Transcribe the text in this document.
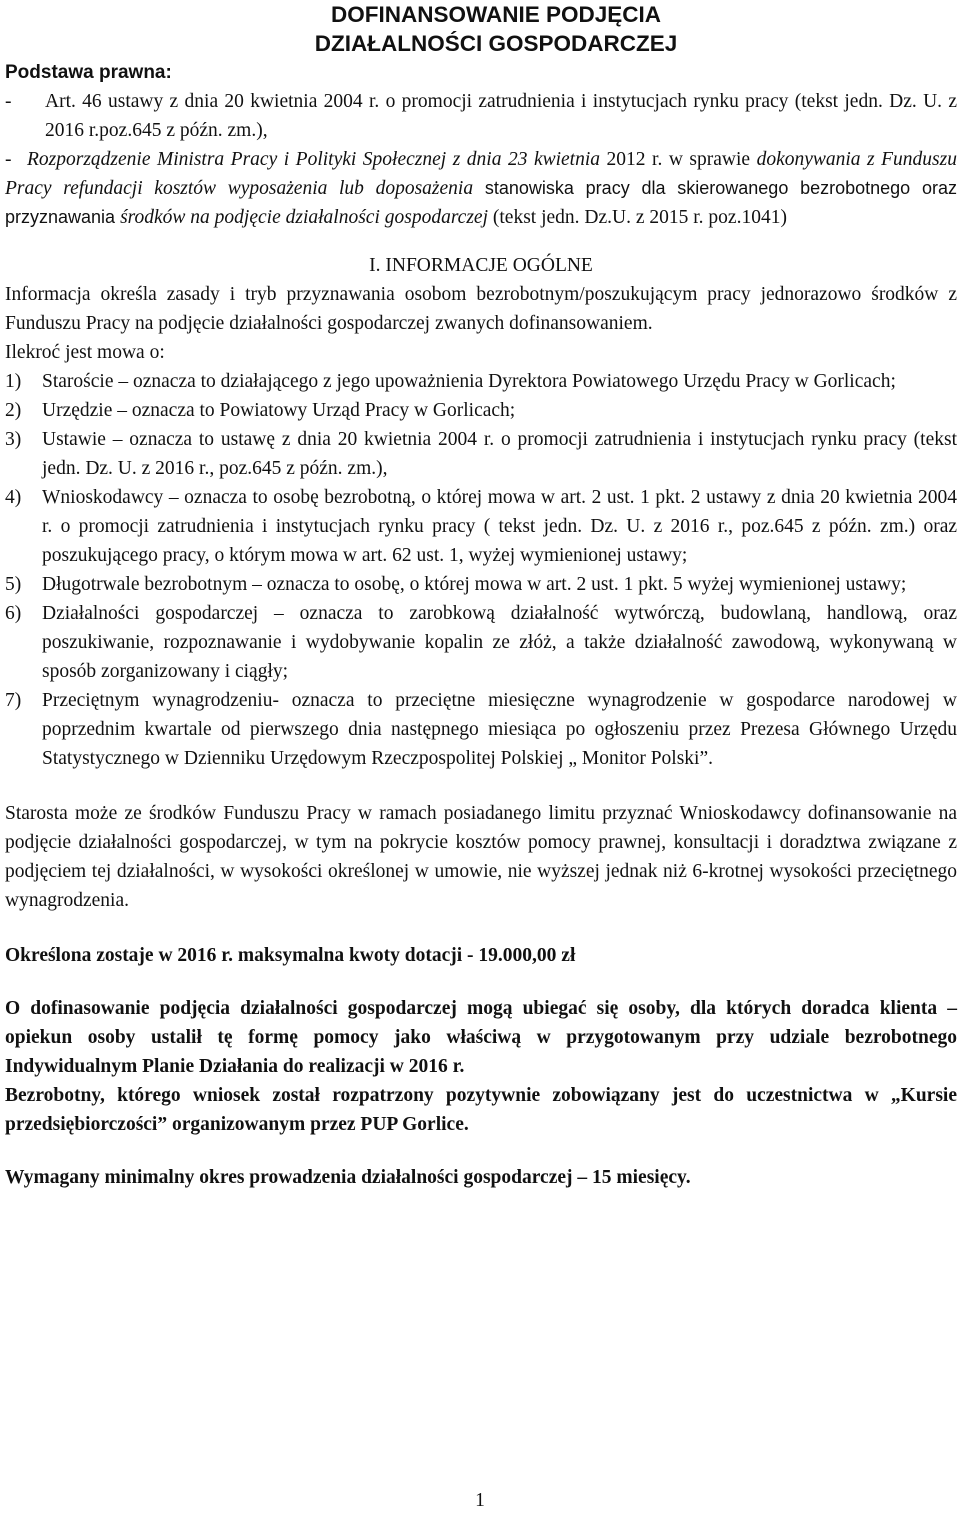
DOFINANSOWANIE PODJĘCIA
DZIAŁALNOŚCI GOSPODARCZEJ

Podstawa prawna:

-	Art. 46 ustawy z dnia 20 kwietnia 2004 r. o promocji zatrudnienia i instytucjach rynku pracy (tekst jedn. Dz. U. z 2016 r.poz.645 z późn. zm.),
- Rozporządzenie Ministra Pracy i Polityki Społecznej z dnia 23 kwietnia 2012 r. w sprawie dokonywania z Funduszu Pracy refundacji kosztów wyposażenia lub doposażenia stanowiska pracy dla skierowanego bezrobotnego oraz przyznawania środków na podjęcie działalności gospodarczej (tekst jedn. Dz.U. z 2015 r. poz.1041)

I. INFORMACJE OGÓLNE

Informacja określa zasady i tryb przyznawania osobom bezrobotnym/poszukującym pracy jednorazowo środków z Funduszu Pracy na podjęcie działalności gospodarczej zwanych dofinansowaniem.

Ilekroć jest mowa o:

1)	Staroście – oznacza to działającego z jego upoważnienia Dyrektora Powiatowego Urzędu Pracy w Gorlicach;
2)	Urzędzie – oznacza to Powiatowy Urząd Pracy w Gorlicach;
3)	Ustawie – oznacza to ustawę z dnia 20 kwietnia 2004 r. o promocji zatrudnienia i instytucjach rynku pracy (tekst jedn. Dz. U. z 2016 r., poz.645 z późn. zm.),
4)	Wnioskodawcy – oznacza to osobę bezrobotną, o której mowa w art. 2 ust. 1 pkt. 2 ustawy z dnia 20 kwietnia 2004 r. o promocji zatrudnienia i instytucjach rynku pracy ( tekst jedn. Dz. U. z 2016 r., poz.645 z późn. zm.) oraz poszukującego pracy, o którym mowa w art. 62 ust. 1, wyżej wymienionej ustawy;
5)	Długotrwale bezrobotnym – oznacza to osobę, o której mowa w art. 2 ust. 1 pkt. 5 wyżej wymienionej ustawy;
6)	Działalności gospodarczej – oznacza to zarobkową działalność wytwórczą, budowlaną, handlową, oraz poszukiwanie, rozpoznawanie i wydobywanie kopalin ze złóż, a także działalność zawodową, wykonywaną w sposób zorganizowany i ciągły;
7)	Przeciętnym wynagrodzeniu- oznacza to przeciętne miesięczne wynagrodzenie w gospodarce narodowej w poprzednim kwartale od pierwszego dnia następnego miesiąca po ogłoszeniu przez Prezesa Głównego Urzędu Statystycznego w Dzienniku Urzędowym Rzeczpospolitej Polskiej „ Monitor Polski”.

Starosta może ze środków Funduszu Pracy w ramach posiadanego limitu przyznać Wnioskodawcy dofinansowanie na podjęcie działalności gospodarczej, w tym na pokrycie kosztów pomocy prawnej, konsultacji i doradztwa związane z podjęciem tej działalności, w wysokości określonej w umowie, nie wyższej jednak niż 6-krotnej wysokości przeciętnego wynagrodzenia.

Określona zostaje w 2016 r. maksymalna kwoty dotacji - 19.000,00 zł

O dofinasowanie podjęcia działalności gospodarczej mogą ubiegać się osoby, dla których doradca klienta – opiekun osoby ustalił tę formę pomocy jako właściwą w przygotowanym przy udziale bezrobotnego Indywidualnym Planie Działania do realizacji w 2016 r.

Bezrobotny, którego wniosek został rozpatrzony pozytywnie zobowiązany jest do uczestnictwa w „Kursie przedsiębiorczości” organizowanym przez PUP Gorlice.

Wymagany minimalny okres prowadzenia działalności gospodarczej – 15 miesięcy.

1
